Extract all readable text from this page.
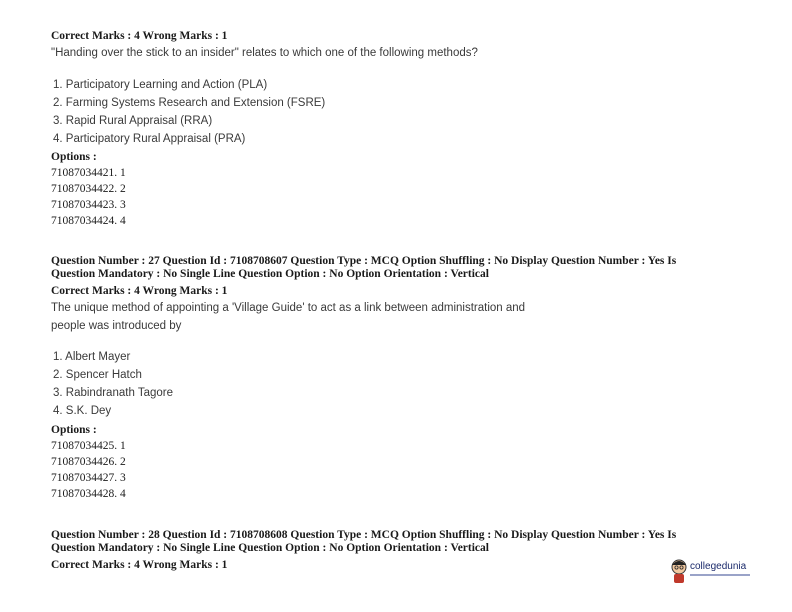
Correct Marks : 4 Wrong Marks : 1
"Handing over the stick to an insider" relates to which one of the following methods?
1. Participatory Learning and Action (PLA)
2. Farming Systems Research and Extension (FSRE)
3. Rapid Rural Appraisal (RRA)
4. Participatory Rural Appraisal (PRA)
Options :
71087034421. 1
71087034422. 2
71087034423. 3
71087034424. 4
Question Number : 27 Question Id : 7108708607 Question Type : MCQ Option Shuffling : No Display Question Number : Yes Is
Question Mandatory : No Single Line Question Option : No Option Orientation : Vertical
Correct Marks : 4 Wrong Marks : 1
The unique method of appointing a 'Village Guide' to act as a link between administration and
people was introduced by
1. Albert Mayer
2. Spencer Hatch
3. Rabindranath Tagore
4. S.K. Dey
Options :
71087034425. 1
71087034426. 2
71087034427. 3
71087034428. 4
Question Number : 28 Question Id : 7108708608 Question Type : MCQ Option Shuffling : No Display Question Number : Yes Is
Question Mandatory : No Single Line Question Option : No Option Orientation : Vertical
Correct Marks : 4 Wrong Marks : 1	collegedunia
